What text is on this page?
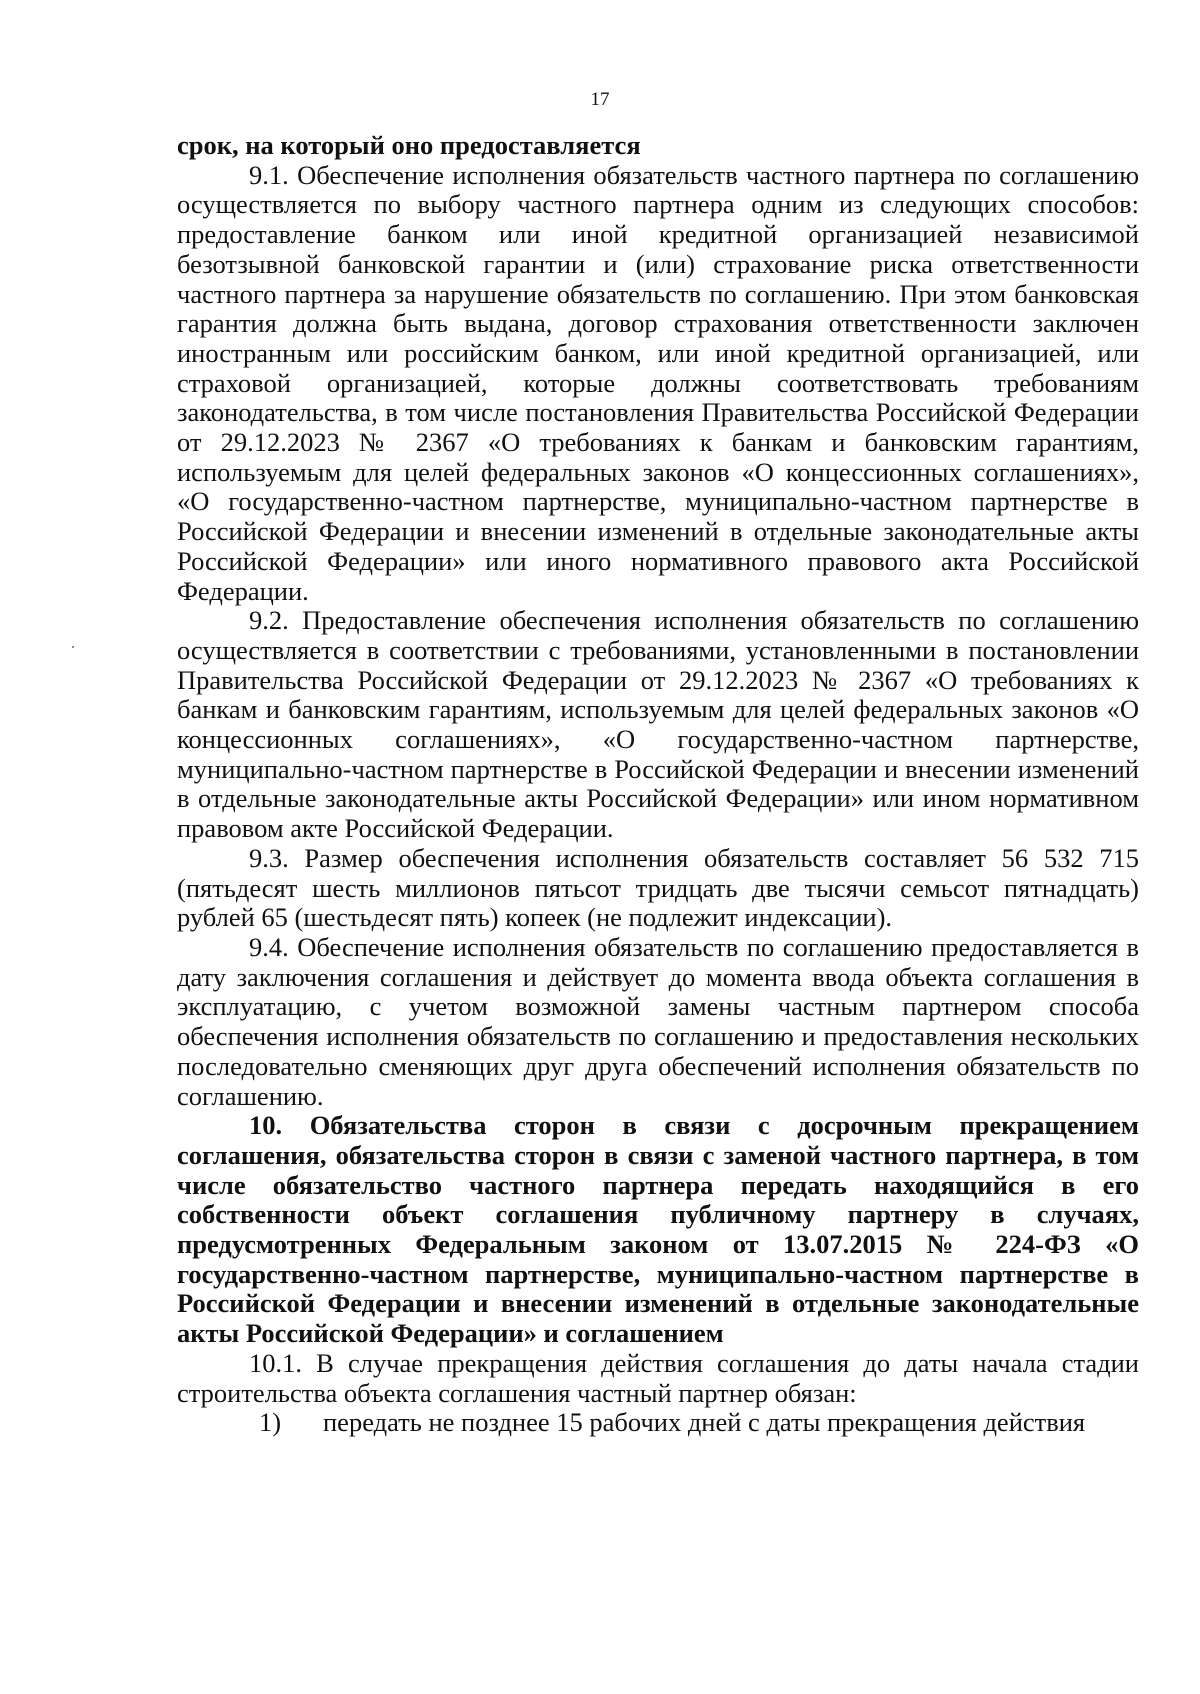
17

срок, на который оно предоставляется

9.1. Обеспечение исполнения обязательств частного партнера по соглашению осуществляется по выбору частного партнера одним из следующих способов: предоставление банком или иной кредитной организацией независимой безотзывной банковской гарантии и (или) страхование риска ответственности частного партнера за нарушение обязательств по соглашению. При этом банковская гарантия должна быть выдана, договор страхования ответственности заключен иностранным или российским банком, или иной кредитной организацией, или страховой организацией, которые должны соответствовать требованиям законодательства, в том числе постановления Правительства Российской Федерации от 29.12.2023 № 2367 «О требованиях к банкам и банковским гарантиям, используемым для целей федеральных законов «О концессионных соглашениях», «О государственно-частном партнерстве, муниципально-частном партнерстве в Российской Федерации и внесении изменений в отдельные законодательные акты Российской Федерации» или иного нормативного правового акта Российской Федерации.

9.2. Предоставление обеспечения исполнения обязательств по соглашению осуществляется в соответствии с требованиями, установленными в постановлении Правительства Российской Федерации от 29.12.2023 № 2367 «О требованиях к банкам и банковским гарантиям, используемым для целей федеральных законов «О концессионных соглашениях», «О государственно-частном партнерстве, муниципально-частном партнерстве в Российской Федерации и внесении изменений в отдельные законодательные акты Российской Федерации» или ином нормативном правовом акте Российской Федерации.

9.3. Размер обеспечения исполнения обязательств составляет 56 532 715 (пятьдесят шесть миллионов пятьсот тридцать две тысячи семьсот пятнадцать) рублей 65 (шестьдесят пять) копеек (не подлежит индексации).

9.4. Обеспечение исполнения обязательств по соглашению предоставляется в дату заключения соглашения и действует до момента ввода объекта соглашения в эксплуатацию, с учетом возможной замены частным партнером способа обеспечения исполнения обязательств по соглашению и предоставления нескольких последовательно сменяющих друг друга обеспечений исполнения обязательств по соглашению.

10. Обязательства сторон в связи с досрочным прекращением соглашения, обязательства сторон в связи с заменой частного партнера, в том числе обязательство частного партнера передать находящийся в его собственности объект соглашения публичному партнеру в случаях, предусмотренных Федеральным законом от 13.07.2015 № 224-ФЗ «О государственно-частном партнерстве, муниципально-частном партнерстве в Российской Федерации и внесении изменений в отдельные законодательные акты Российской Федерации» и соглашением

10.1. В случае прекращения действия соглашения до даты начала стадии строительства объекта соглашения частный партнер обязан:

1)	передать не позднее 15 рабочих дней с даты прекращения действия
